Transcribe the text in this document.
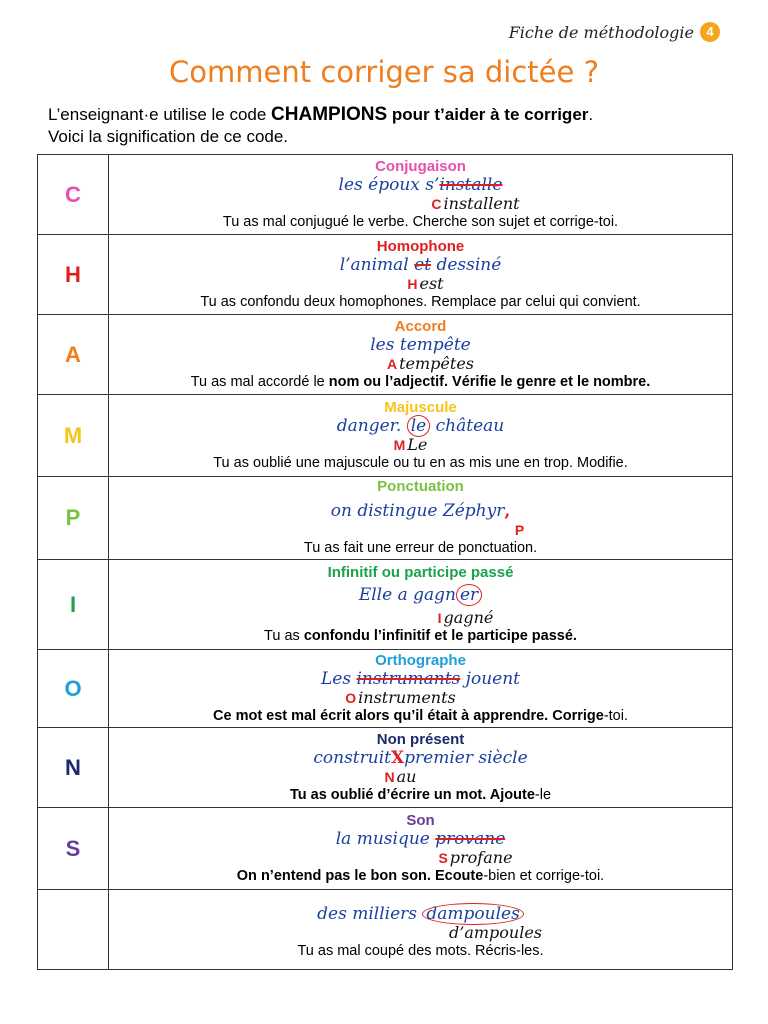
Fiche de méthodologie 4
Comment corriger sa dictée ?
L’enseignant·e utilise le code CHAMPIONS pour t’aider à te corriger.
Voici la signification de ce code.
C	Conjugaison
les époux s’installe
C installent
Tu as mal conjugué le verbe. Cherche son sujet et corrige-toi.

H	Homophone
l’animal et dessiné
H est
Tu as confondu deux homophones. Remplace par celui qui convient.

A	Accord
les tempête
A tempêtes
Tu as mal accordé le nom ou l’adjectif. Vérifie le genre et le nombre.

M	Majuscule
danger. le château
M Le
Tu as oublié une majuscule ou tu en as mis une en trop. Modifie.

P	Ponctuation
on distingue Zéphyr,
P
Tu as fait une erreur de ponctuation.

I	Infinitif ou participe passé
Elle a gagn er
I gagné
Tu as confondu l’infinitif et le participe passé.

O	Orthographe
Les instrumants jouent
O instruments
Ce mot est mal écrit alors qu’il était à apprendre. Corrige-toi.

N	Non présent
construitXpremier siècle
N au
Tu as oublié d’écrire un mot. Ajoute-le

S	Son
la musique provane
S profane
On n’entend pas le bon son. Ecoute-bien et corrige-toi.

	des milliers dampoules
d’ampoules
Tu as mal coupé des mots. Récris-les.
